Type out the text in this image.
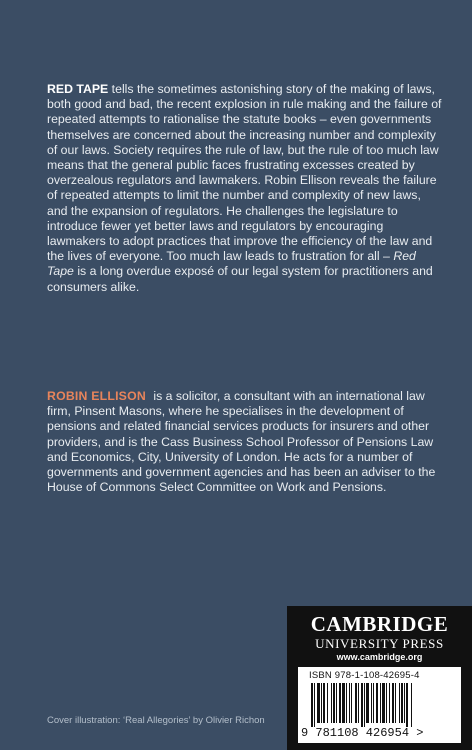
RED TAPE tells the sometimes astonishing story of the making of laws, both good and bad, the recent explosion in rule making and the failure of repeated attempts to rationalise the statute books – even governments themselves are concerned about the increasing number and complexity of our laws. Society requires the rule of law, but the rule of too much law means that the general public faces frustrating excesses created by overzealous regulators and lawmakers. Robin Ellison reveals the failure of repeated attempts to limit the number and complexity of new laws, and the expansion of regulators. He challenges the legislature to introduce fewer yet better laws and regulators by encouraging lawmakers to adopt practices that improve the efficiency of the law and the lives of everyone. Too much law leads to frustration for all – Red Tape is a long overdue exposé of our legal system for practitioners and consumers alike.

ROBIN ELLISON is a solicitor, a consultant with an international law firm, Pinsent Masons, where he specialises in the development of pensions and related financial services products for insurers and other providers, and is the Cass Business School Professor of Pensions Law and Economics, City, University of London. He acts for a number of governments and government agencies and has been an adviser to the House of Commons Select Committee on Work and Pensions.

Cover illustration: ‘Real Allegories’ by Olivier Richon
CAMBRIDGE
UNIVERSITY PRESS
www.cambridge.org
ISBN 978-1-108-42695-4
9 781108 426954 >
